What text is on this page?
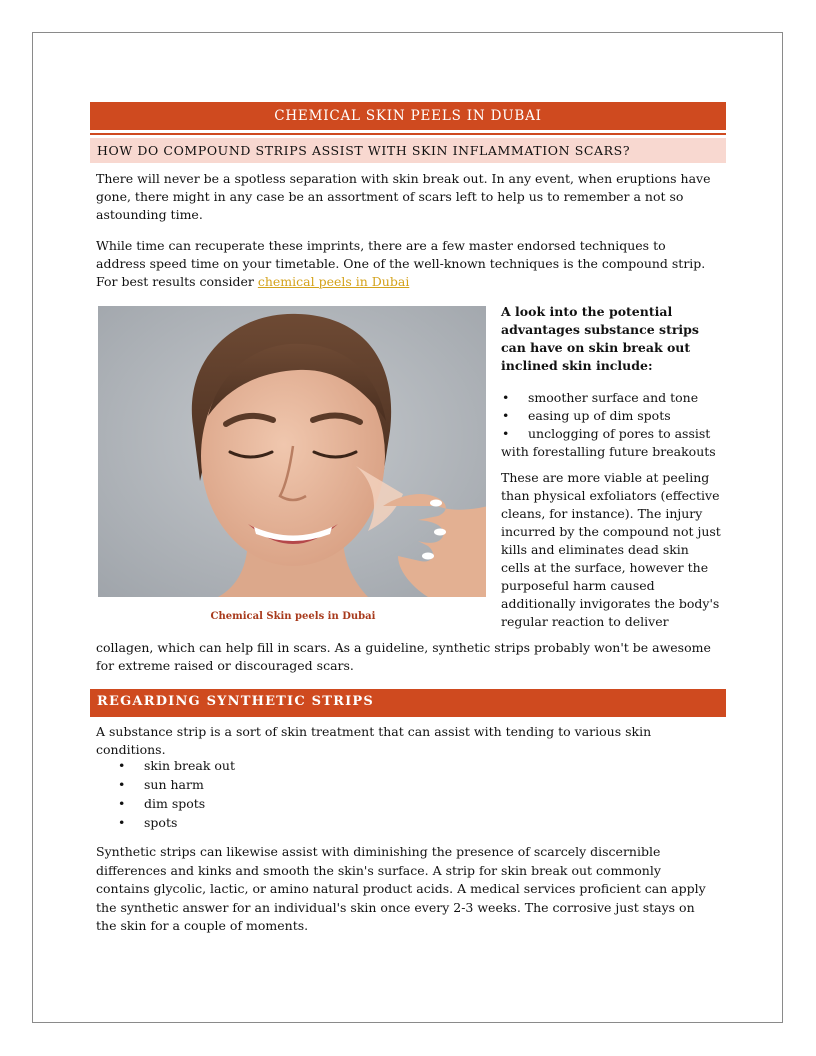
CHEMICAL SKIN PEELS IN DUBAI
HOW DO COMPOUND STRIPS ASSIST WITH SKIN INFLAMMATION SCARS?

There will never be a spotless separation with skin break out. In any event, when eruptions have gone, there might in any case be an assortment of scars left to help us to remember a not so astounding time.

While time can recuperate these imprints, there are a few master endorsed techniques to address speed time on your timetable. One of the well-known techniques is the compound strip. For best results consider chemical peels in Dubai

Chemical Skin peels in Dubai

A look into the potential advantages substance strips can have on skin break out inclined skin include:

• smoother surface and tone
• easing up of dim spots
• unclogging of pores to assist with forestalling future breakouts

These are more viable at peeling than physical exfoliators (effective cleans, for instance). The injury incurred by the compound not just kills and eliminates dead skin cells at the surface, however the purposeful harm caused additionally invigorates the body's regular reaction to deliver

collagen, which can help fill in scars. As a guideline, synthetic strips probably won't be awesome for extreme raised or discouraged scars.

REGARDING SYNTHETIC STRIPS

A substance strip is a sort of skin treatment that can assist with tending to various skin conditions.

• skin break out
• sun harm
• dim spots
• spots

Synthetic strips can likewise assist with diminishing the presence of scarcely discernible differences and kinks and smooth the skin's surface. A strip for skin break out commonly contains glycolic, lactic, or amino natural product acids. A medical services proficient can apply the synthetic answer for an individual's skin once every 2-3 weeks. The corrosive just stays on the skin for a couple of moments.
